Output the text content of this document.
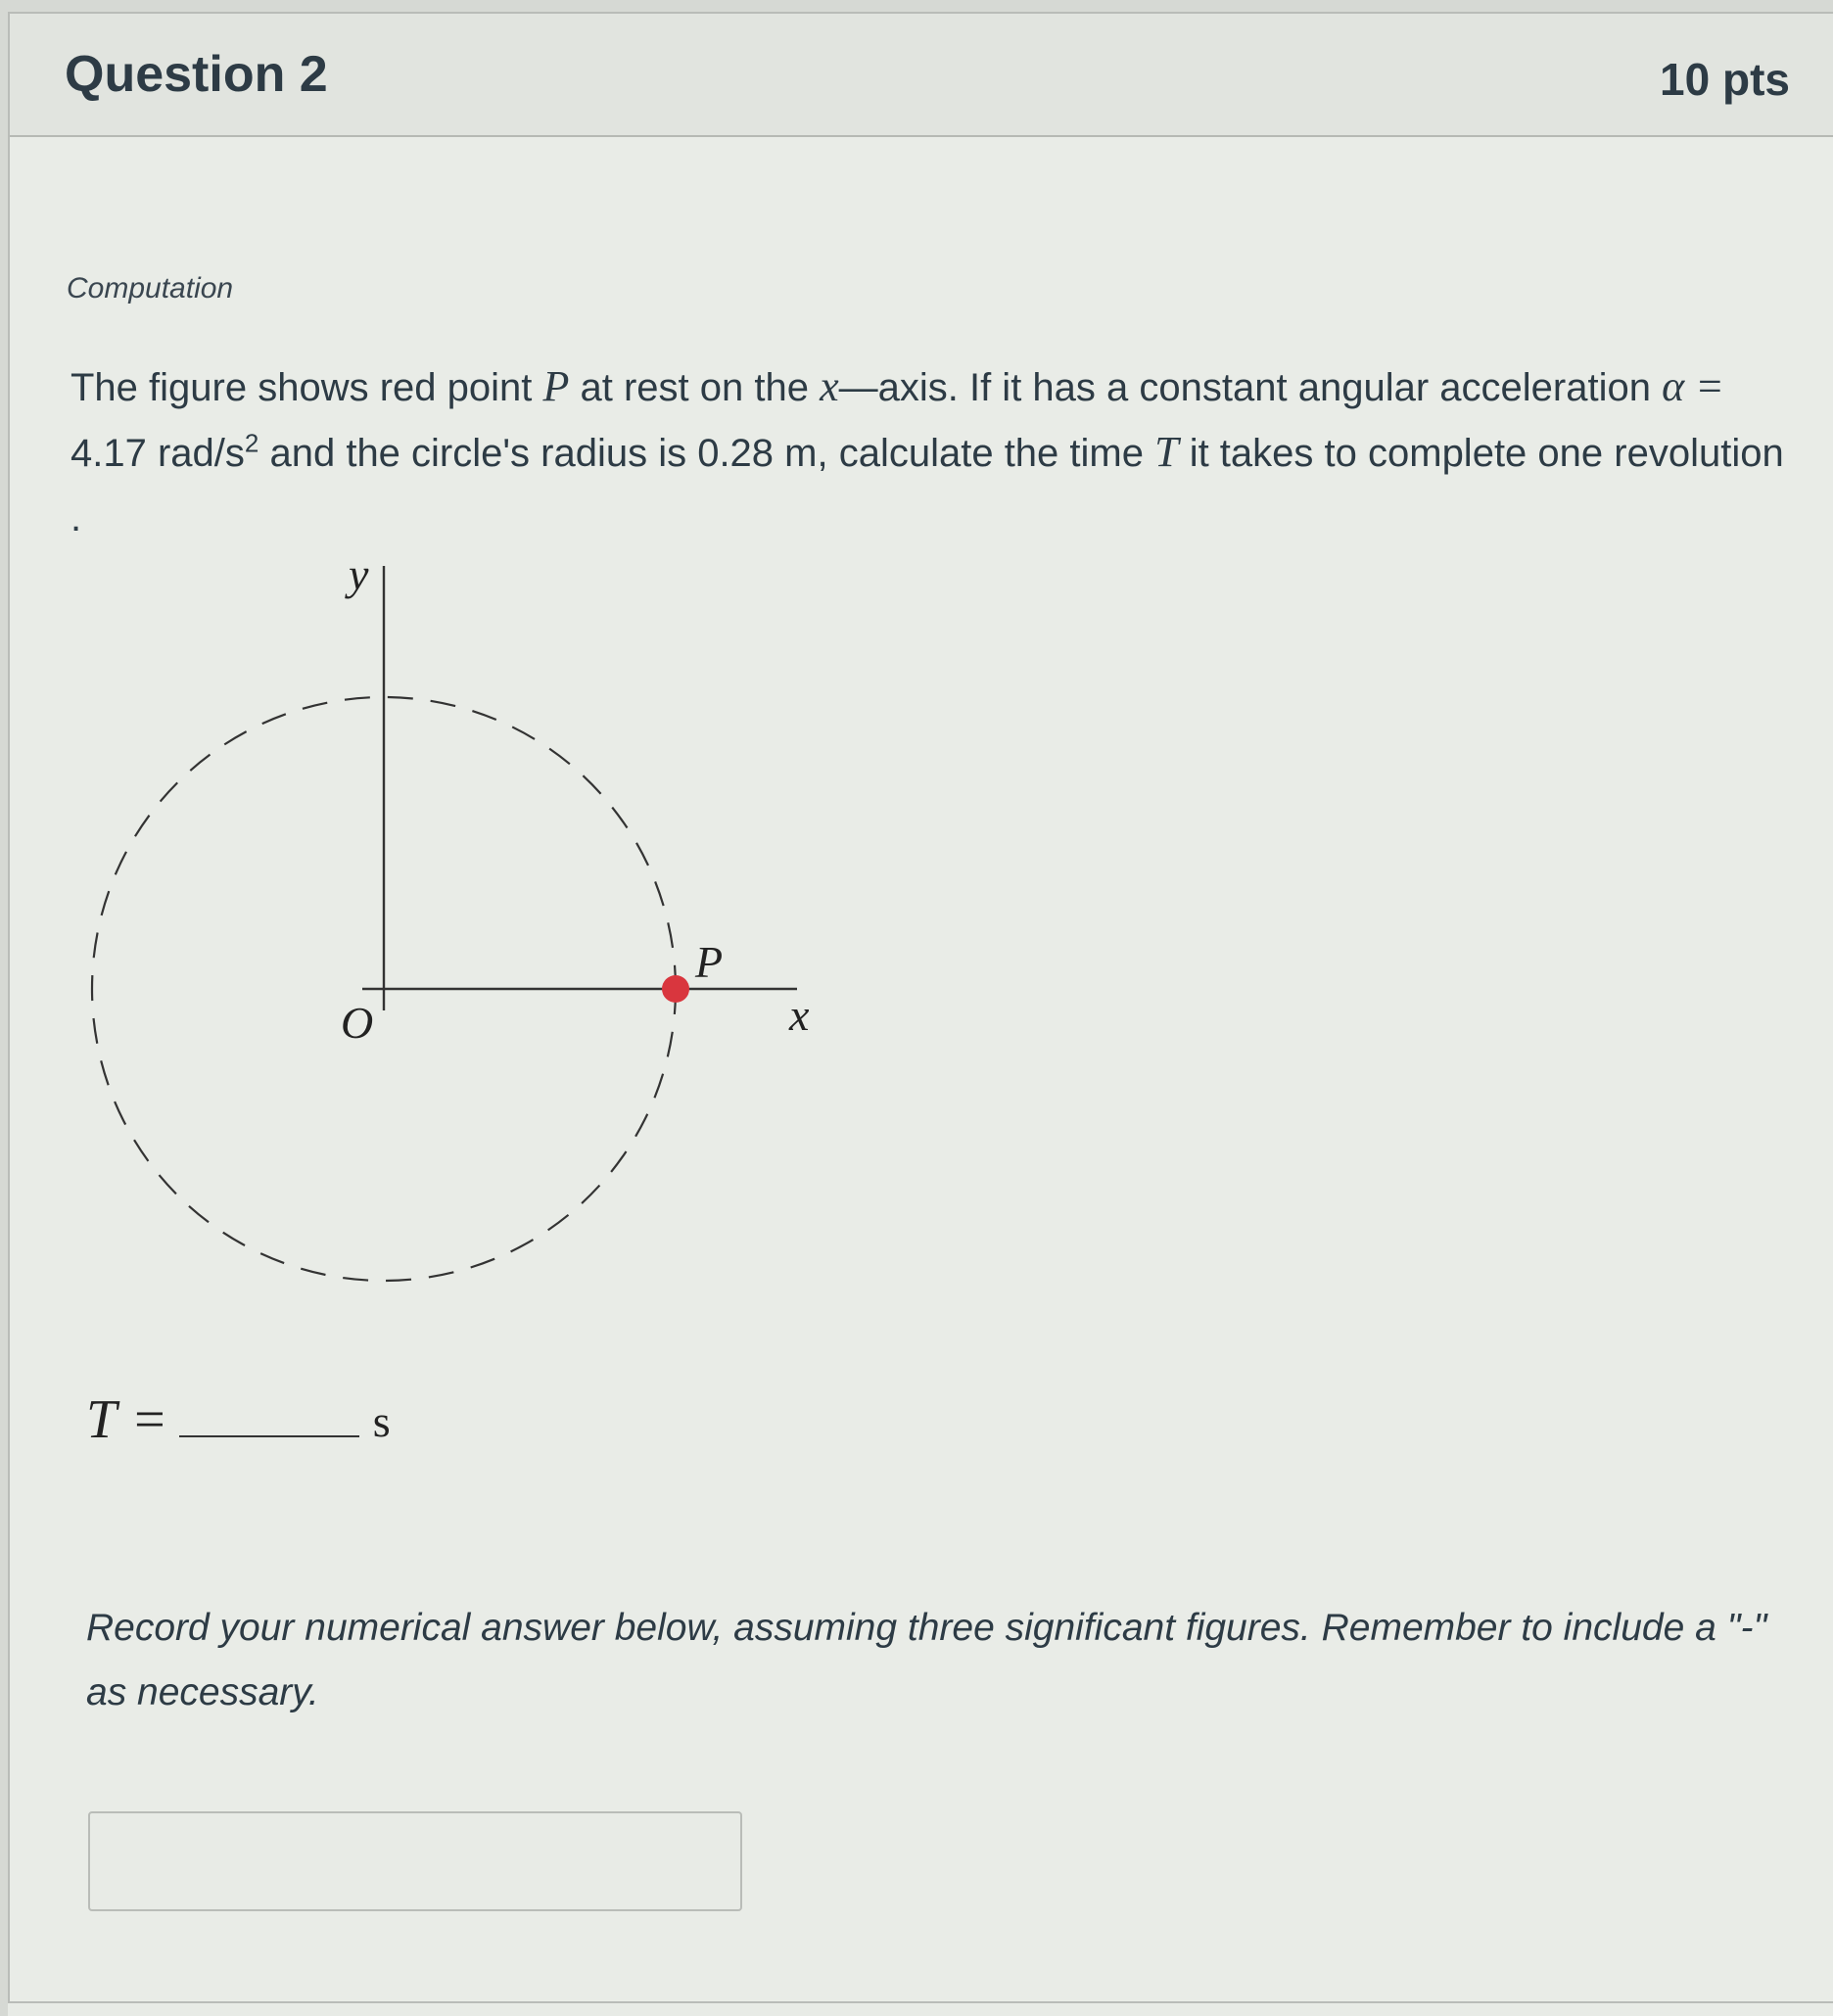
Question 2	10 pts
Computation
The figure shows red point P at rest on the x—axis. If it has a constant angular acceleration α = 4.17 rad/$s^2$ and the circle's radius is 0.28 m, calculate the time T it takes to complete one revolution .
y
x
O
P
T =	s
Record your numerical answer below, assuming three significant figures. Remember to include a "-" as necessary.
